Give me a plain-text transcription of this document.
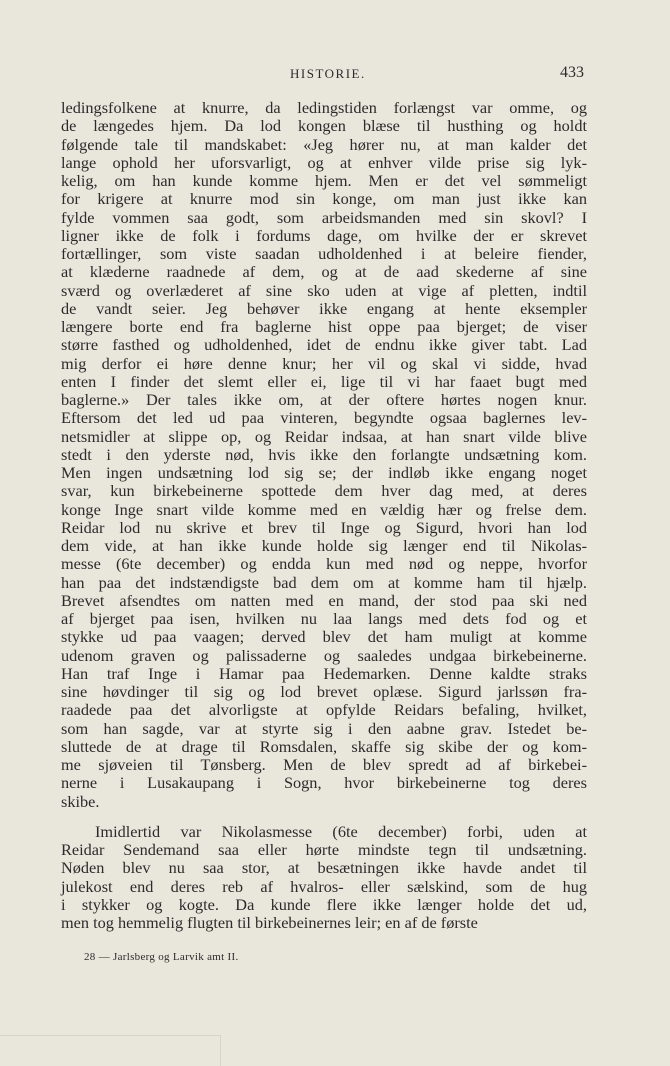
HISTORIE.	433
ledingsfolkene at knurre, da ledingstiden forlængst var omme, og
de længedes hjem. Da lod kongen blæse til husthing og holdt
følgende tale til mandskabet: «Jeg hører nu, at man kalder det
lange ophold her uforsvarligt, og at enhver vilde prise sig lyk-
kelig, om han kunde komme hjem. Men er det vel sømmeligt
for krigere at knurre mod sin konge, om man just ikke kan
fylde vommen saa godt, som arbeidsmanden med sin skovl? I
ligner ikke de folk i fordums dage, om hvilke der er skrevet
fortællinger, som viste saadan udholdenhed i at beleire fiender,
at klæderne raadnede af dem, og at de aad skederne af sine
sværd og overlæderet af sine sko uden at vige af pletten, indtil
de vandt seier. Jeg behøver ikke engang at hente eksempler
længere borte end fra baglerne hist oppe paa bjerget; de viser
større fasthed og udholdenhed, idet de endnu ikke giver tabt. Lad
mig derfor ei høre denne knur; her vil og skal vi sidde, hvad
enten I finder det slemt eller ei, lige til vi har faaet bugt med
baglerne.» Der tales ikke om, at der oftere hørtes nogen knur.
Eftersom det led ud paa vinteren, begyndte ogsaa baglernes lev-
netsmidler at slippe op, og Reidar indsaa, at han snart vilde blive
stedt i den yderste nød, hvis ikke den forlangte undsætning kom.
Men ingen undsætning lod sig se; der indløb ikke engang noget
svar, kun birkebeinerne spottede dem hver dag med, at deres
konge Inge snart vilde komme med en vældig hær og frelse dem.
Reidar lod nu skrive et brev til Inge og Sigurd, hvori han lod
dem vide, at han ikke kunde holde sig længer end til Nikolas-
messe (6te december) og endda kun med nød og neppe, hvorfor
han paa det indstændigste bad dem om at komme ham til hjælp.
Brevet afsendtes om natten med en mand, der stod paa ski ned
af bjerget paa isen, hvilken nu laa langs med dets fod og et
stykke ud paa vaagen; derved blev det ham muligt at komme
udenom graven og palissaderne og saaledes undgaa birkebeinerne.
Han traf Inge i Hamar paa Hedemarken. Denne kaldte straks
sine høvdinger til sig og lod brevet oplæse. Sigurd jarlssøn fra-
raadede paa det alvorligste at opfylde Reidars befaling, hvilket,
som han sagde, var at styrte sig i den aabne grav. Istedet be-
sluttede de at drage til Romsdalen, skaffe sig skibe der og kom-
me sjøveien til Tønsberg. Men de blev spredt ad af birkebei-
nerne i Lusakaupang i Sogn, hvor birkebeinerne tog deres
skibe.
Imidlertid var Nikolasmesse (6te december) forbi, uden at
Reidar Sendemand saa eller hørte mindste tegn til undsætning.
Nøden blev nu saa stor, at besætningen ikke havde andet til
julekost end deres reb af hvalros- eller sælskind, som de hug
i stykker og kogte. Da kunde flere ikke længer holde det ud,
men tog hemmelig flugten til birkebeinernes leir; en af de første
28 — Jarlsberg og Larvik amt II.
